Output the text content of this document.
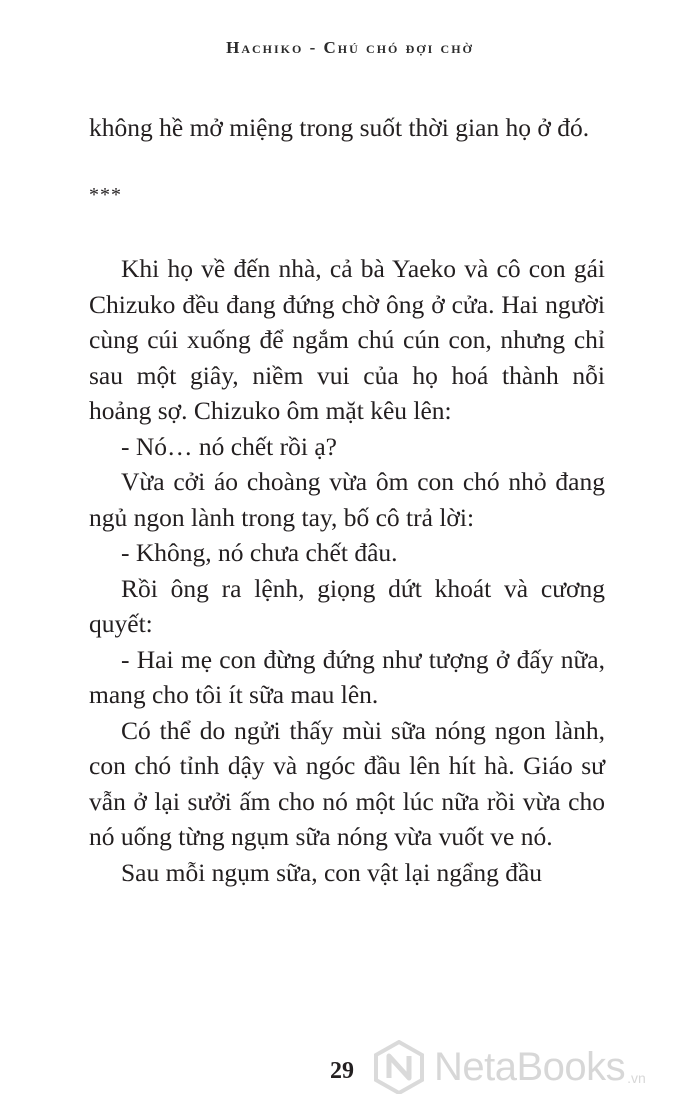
Hachiko - Chú chó đợi chờ

không hề mở miệng trong suốt thời gian họ ở đó.

***

Khi họ về đến nhà, cả bà Yaeko và cô con gái Chizuko đều đang đứng chờ ông ở cửa. Hai người cùng cúi xuống để ngắm chú cún con, nhưng chỉ sau một giây, niềm vui của họ hoá thành nỗi hoảng sợ. Chizuko ôm mặt kêu lên:

- Nó… nó chết rồi ạ?

Vừa cởi áo choàng vừa ôm con chó nhỏ đang ngủ ngon lành trong tay, bố cô trả lời:

- Không, nó chưa chết đâu.

Rồi ông ra lệnh, giọng dứt khoát và cương quyết:

- Hai mẹ con đừng đứng như tượng ở đấy nữa, mang cho tôi ít sữa mau lên.

Có thể do ngửi thấy mùi sữa nóng ngon lành, con chó tỉnh dậy và ngóc đầu lên hít hà. Giáo sư vẫn ở lại sưởi ấm cho nó một lúc nữa rồi vừa cho nó uống từng ngụm sữa nóng vừa vuốt ve nó.

Sau mỗi ngụm sữa, con vật lại ngẩng đầu

29 NetaBooks .vn
